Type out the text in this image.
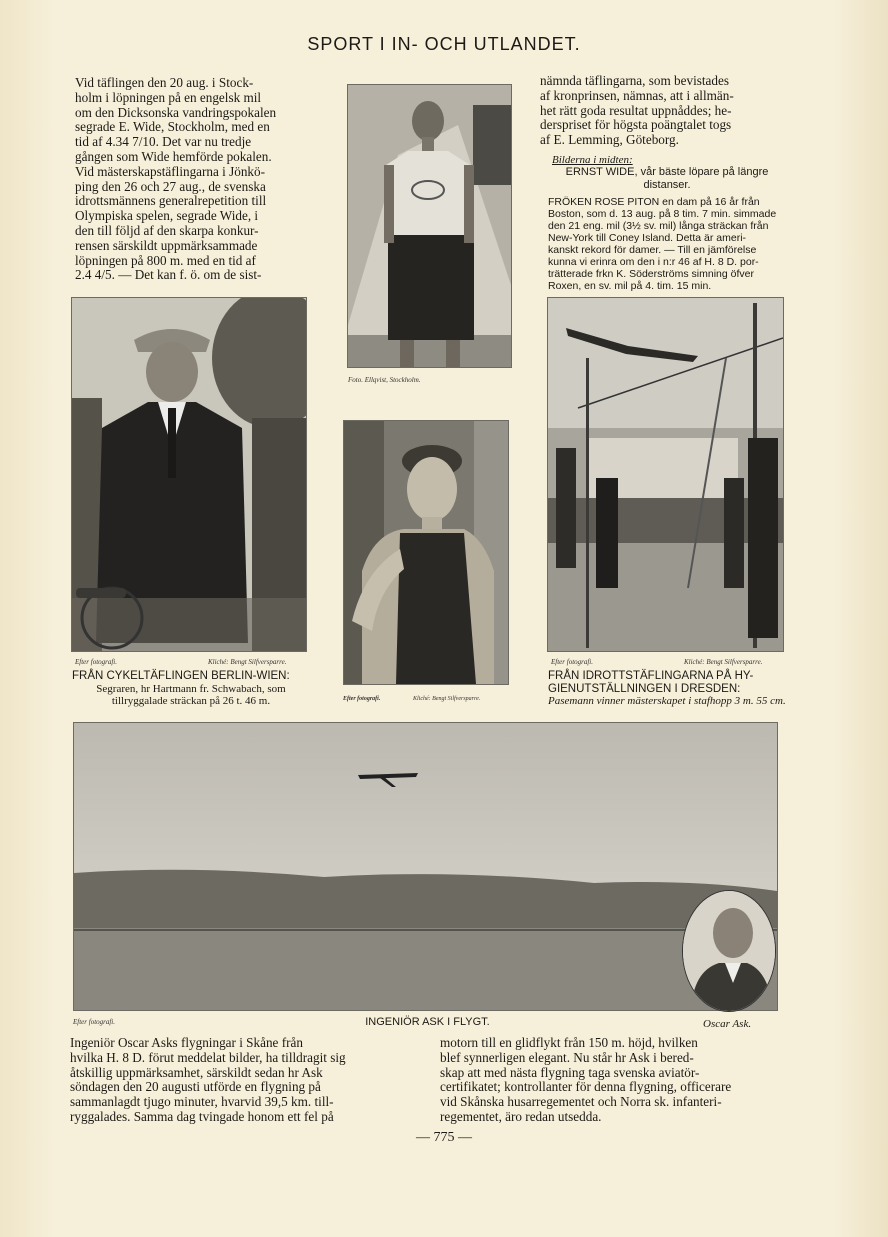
SPORT I IN- OCH UTLANDET.

Vid täflingen den 20 aug. i Stock-

holm i löpningen på en engelsk mil

om den Dicksonska vandringspokalen

segrade E. Wide, Stockholm, med en

tid af 4.34 7/10. Det var nu tredje

gången som Wide hemförde pokalen.

Vid mästerskapstäflingarna i Jönkö-

ping den 26 och 27 aug., de svenska

idrottsmännens generalrepetition till

Olympiska spelen, segrade Wide, i

den till följd af den skarpa konkur-

rensen särskildt uppmärksammade

löpningen på 800 m. med en tid af

2.4 4/5. — Det kan f. ö. om de sist-

nämnda täflingarna, som bevistades

af kronprinsen, nämnas, att i allmän-

het rätt goda resultat uppnåddes; he-

derspriset för högsta poängtalet togs

af E. Lemming, Göteborg.

Bilderna i midten:
ERNST WIDE, vår bäste löpare på längre distanser.
FRÖKEN ROSE PITON en dam på 16 år från
Boston, som d. 13 aug. på 8 tim. 7 min. simmade
den 21 eng. mil (3½ sv. mil) långa sträckan från
New-York till Coney Island. Detta är ameri-
kanskt rekord för damer. — Till en jämförelse
kunna vi erinra om den i n:r 46 af H. 8 D. por-
trätterade frkn K. Söderströms simning öfver
Roxen, en sv. mil på 4. tim. 15 min.
Foto. Ellqvist, Stockholm.
Efter fotografi.	Kliché: Bengt Silfversparre.
FRÅN CYKELTÄFLINGEN BERLIN-WIEN:
Segraren, hr Hartmann fr. Schwabach, som tillryggalade sträckan på 26 t. 46 m.	Efter fotografi.	Kliché: Bengt Silfversparre.
Efter fotografi.	Kliché: Bengt Silfversparre.
FRÅN IDROTTSTÄFLINGARNA PÅ HY-GIENUTSTÄLLNINGEN I DRESDEN:
Pasemann vinner mästerskapet i stafhopp 3 m. 55 cm.
Efter fotografi.	INGENIÖR ASK I FLYGT.	Oscar Ask.

Ingeniör Oscar Asks flygningar i Skåne från

hvilka H. 8 D. förut meddelat bilder, ha tilldragit sig

åtskillig uppmärksamhet, särskildt sedan hr Ask

söndagen den 20 augusti utförde en flygning på

sammanlagdt tjugo minuter, hvarvid 39,5 km. till-

ryggalades. Samma dag tvingade honom ett fel på

motorn till en glidflykt från 150 m. höjd, hvilken

blef synnerligen elegant. Nu står hr Ask i bered-

skap att med nästa flygning taga svenska aviatör-

certifikatet; kontrollanter för denna flygning, officerare

vid Skånska husarregementet och Norra sk. infanteri-

regementet, äro redan utsedda.

— 775 —
